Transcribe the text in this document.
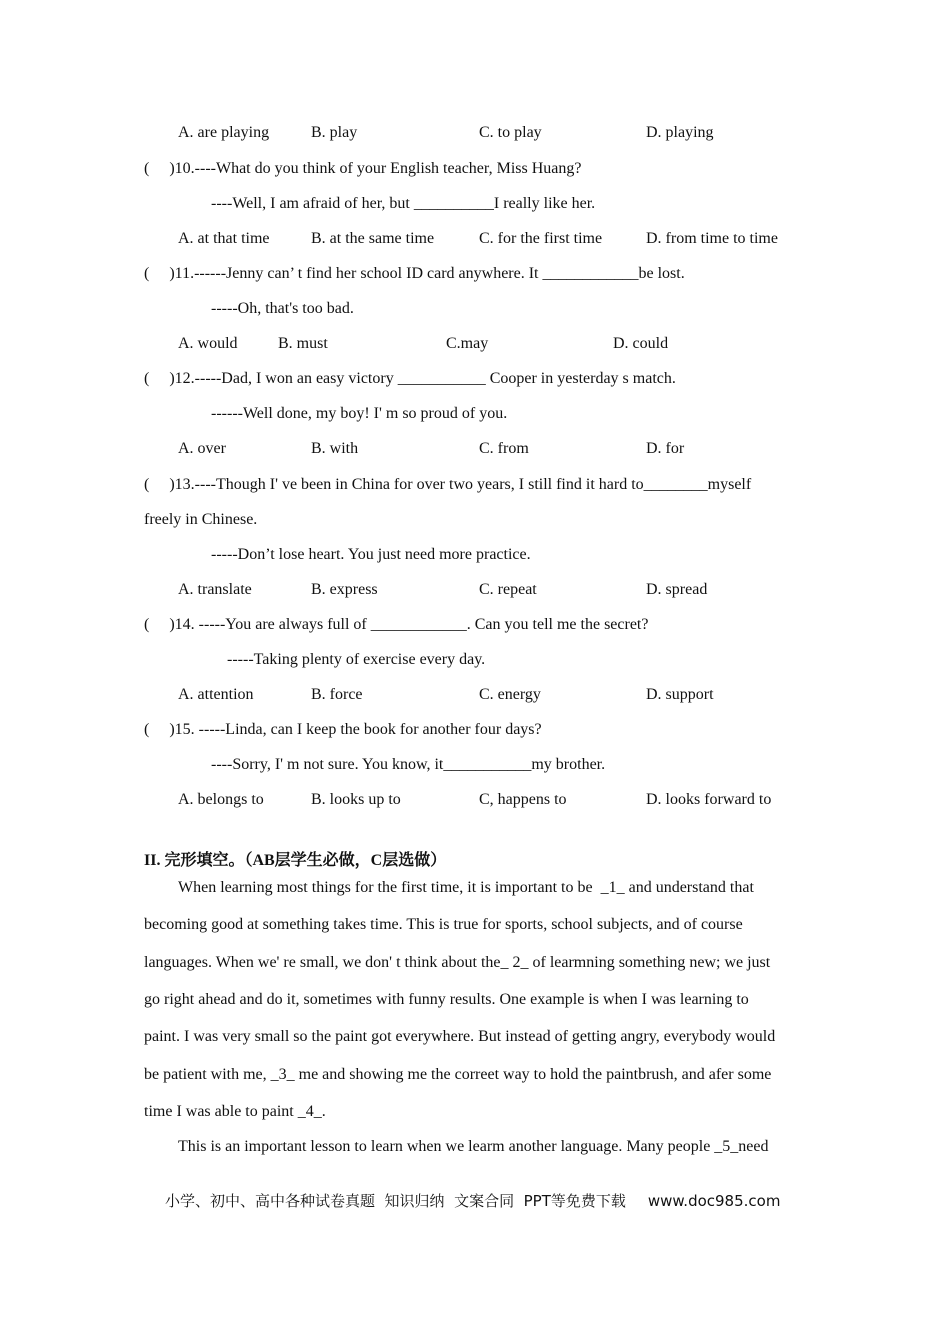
A. are playing	B. play	C. to play	D. playing
(     )10.----What do you think of your English teacher, Miss Huang?
----Well, I am afraid of her, but __________I really like her.
A. at that time	B. at the same time	C. for the first time	D. from time to time
(     )11.------Jenny can’ t find her school ID card anywhere. It ____________be lost.
-----Oh, that's too bad.
A. would	B. must	C.may	D. could
(     )12.-----Dad, I won an easy victory ___________ Cooper in yesterday s match.
------Well done, my boy! I' m so proud of you.
A. over	B. with	C. from	D. for
(     )13.----Though I' ve been in China for over two years, I still find it hard to________myself
freely in Chinese.
-----Don’t lose heart. You just need more practice.
A. translate	B. express	C. repeat	D. spread
(     )14. -----You are always full of ____________. Can you tell me the secret?
-----Taking plenty of exercise every day.
A. attention	B. force	C. energy	D. support
(     )15. -----Linda, can I keep the book for another four days?
----Sorry, I' m not sure. You know, it___________my brother.
A. belongs to	B. looks up to	C, happens to	D. looks forward to
II. 完形填空。（AB层学生必做，C层选做）
When learning most things for the first time, it is important to be  _1_ and understand that
becoming good at something takes time. This is true for sports, school subjects, and of course
languages. When we' re small, we don' t think about the_ 2_ of learmning something new; we just
go right ahead and do it, sometimes with funny results. One example is when I was learning to
paint. I was very small so the paint got everywhere. But instead of getting angry, everybody would
be patient with me, _3_ me and showing me the correet way to hold the paintbrush, and afer some
time I was able to paint _4_.
This is an important lesson to learn when we learm another language. Many people _5_need
小学、初中、高中各种试卷真题  知识归纳  文案合同  PPT等免费下载 www.doc985.com
